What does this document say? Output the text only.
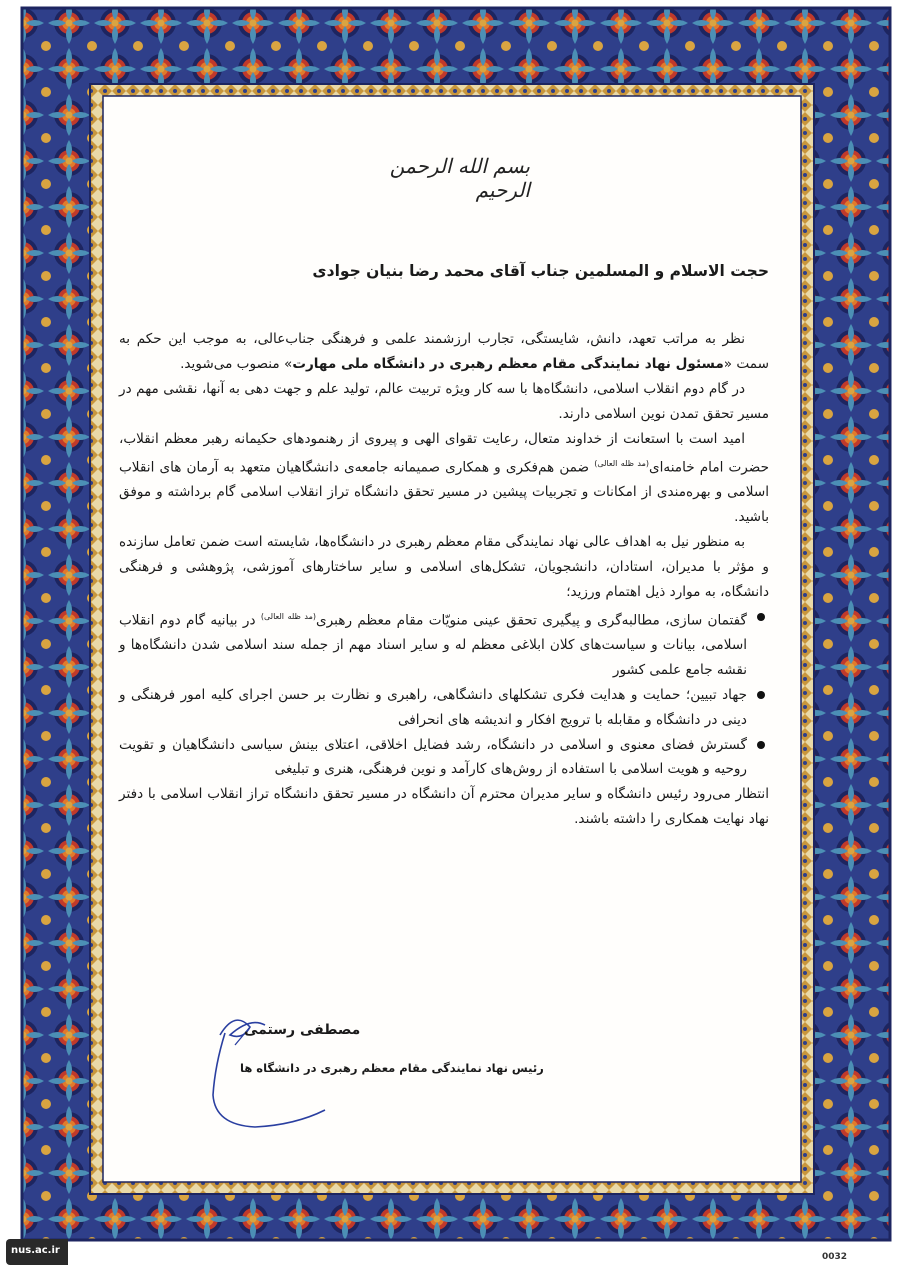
بسم الله الرحمن الرحیم
حجت الاسلام و المسلمین جناب آقای محمد رضا بنیان جوادی

نظر به مراتب تعهد، دانش، شایستگی، تجارب ارزشمند علمی و فرهنگی جناب‌عالی، به موجب این حکم به سمت «مسئول نهاد نمایندگی مقام معظم رهبری در دانشگاه ملی مهارت» منصوب می‌شوید.

در گام دوم انقلاب اسلامی، دانشگاه‌ها با سه کار ویژه تربیت عالم، تولید علم و جهت دهی به آنها، نقشی مهم در مسیر تحقق تمدن نوین اسلامی دارند.

امید است با استعانت از خداوند متعال، رعایت تقوای الهی و پیروی از رهنمودهای حکیمانه رهبر معظم انقلاب، حضرت امام خامنه‌ای$^{(مد ظله العالی)}$ ضمن هم‌فکری و همکاری صمیمانه جامعه‌ی دانشگاهیان متعهد به آرمان های انقلاب اسلامی و بهره‌مندی از امکانات و تجربیات پیشین در مسیر تحقق دانشگاه تراز انقلاب اسلامی گام برداشته و موفق باشید.

به منظور نیل به اهداف عالی نهاد نمایندگی مقام معظم رهبری در دانشگاه‌ها، شایسته است ضمن تعامل سازنده و مؤثر با مدیران، استادان، دانشجویان، تشکل‌های اسلامی و سایر ساختارهای آموزشی، پژوهشی و فرهنگی دانشگاه، به موارد ذیل اهتمام ورزید؛

گفتمان سازی، مطالبه‌گری و پیگیری تحقق عینی منویّات مقام معظم رهبری$^{(مد ظله العالی)}$ در بیانیه گام دوم انقلاب اسلامی، بیانات و سیاست‌های کلان ابلاغی معظم له و سایر اسناد مهم از جمله سند اسلامی شدن دانشگاه‌ها و نقشه جامع علمی کشور
جهاد تبیین؛ حمایت و هدایت فکری تشکلهای دانشگاهی، راهبری و نظارت بر حسن اجرای کلیه امور فرهنگی و دینی در دانشگاه و مقابله با ترویج افکار و اندیشه های انحرافی
گسترش فضای معنوی و اسلامی در دانشگاه، رشد فضایل اخلاقی، اعتلای بینش سیاسی دانشگاهیان و تقویت روحیه و هویت اسلامی با استفاده از روش‌های کارآمد و نوین فرهنگی، هنری و تبلیغی

انتظار می‌رود رئیس دانشگاه و سایر مدیران محترم آن دانشگاه در مسیر تحقق دانشگاه تراز انقلاب اسلامی با دفتر نهاد نهایت همکاری را داشته باشند.

مصطفی رستمی
رئیس نهاد نمایندگی مقام معظم رهبری در دانشگاه ها
nus.ac.ir
0032
